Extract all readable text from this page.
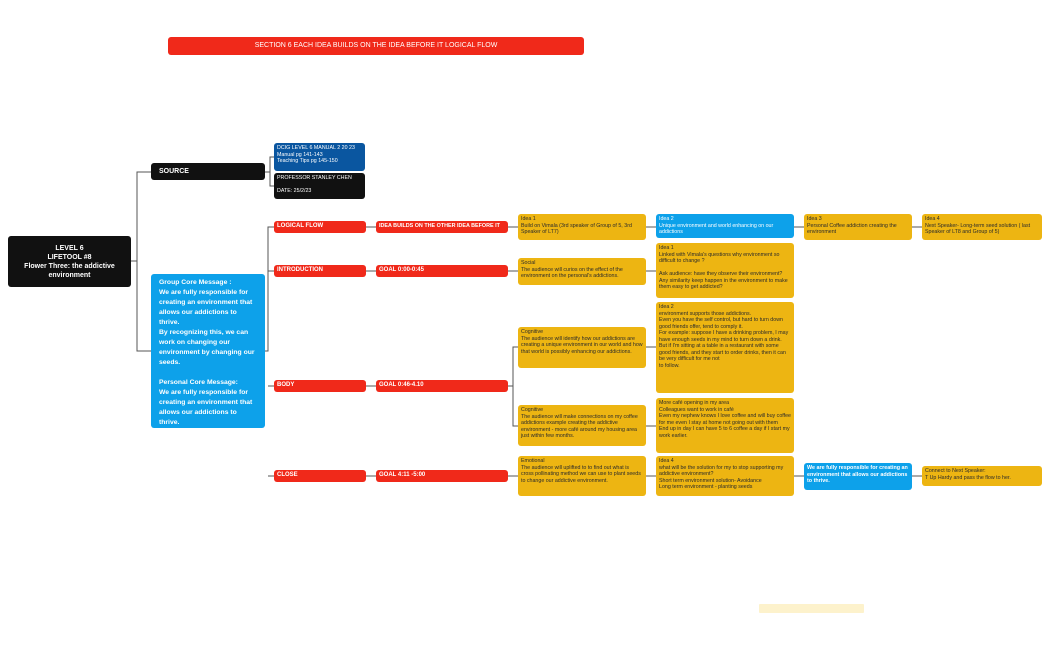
SECTION 6 EACH IDEA BUILDS ON THE IDEA BEFORE IT LOGICAL FLOW
LEVEL 6
LIFETOOL #8
Flower Three: the addictive environment
SOURCE
DCIG LEVEL 6 MANUAL 2 20 23
Manual pg 141-143
Teaching Tips pg 145-150
PROFESSOR STANLEY CHEN

DATE: 25/2/23
Group Core Message :
We are fully responsible for creating an environment that allows our addictions to thrive.
By recognizing this, we can work on changing our environment by changing our seeds.

Personal Core Message:
We are fully responsible for creating an environment that allows our addictions to thrive.
LOGICAL FLOW	IDEA BUILDS ON THE OTHER IDEA BEFORE IT
Idea 1
Build on Vimala (3rd speaker of Group of 5, 3rd Speaker of LT7)
Idea 2
Unique environment and world enhancing on our addictions
Idea 3
Personal Coffee addiction creating the environment
Idea 4
Next Speaker- Long-term seed solution ( last Speaker of LT8 and Group of 5)
INTRODUCTION	GOAL 0:00-0:45
Social
The audience will curios on the effect of the environment on the personal's addictions.
Idea 1
Linked with Vimala's questions why environment so difficult to change ?

Ask audience: have they observe their environment? Any similarity keep happen in the environment to make them easy to get addicted?
BODY	GOAL 0:46-4.10
Cognitive
The audience will identify how our addictions are creating a unique environment in our world and how that world is possibly enhancing our addictions.
Idea 2
environment supports those addictions.
Even you have the self control, but hard to turn down good friends offer, tend to comply it.
For example: suppose I have a drinking problem, I may have enough seeds in my mind to turn down a drink. But if I'm sitting at a table in a restaurant with some good friends, and they start to order drinks, then it can be very difficult for me not
to follow.
Cognitive
The audience will make connections on my coffee addictions example creating the addictive environment - more café around my housing area just within few months.
More café opening in my area
Colleagues want to work in café
Even my nephew knows I love coffee and will buy coffee for me even I stay at home not going out with them
End up in day I can have 5 to 6 coffee a day if I start my work earlier.
CLOSE	GOAL 4:11 -5:00
Emotional
The audience will uplifted to to find out what is cross pollinating method we can use to plant seeds to change our addictive environment.
Idea 4
what will be the solution for my to stop supporting my addictive environment?
Short term environment solution- Avoidance
Long term environment - planting seeds
We are fully responsible for creating an environment that allows our addictions to thrive.
Connect to Next Speaker:
T Up Hardy and pass the flow to her.
